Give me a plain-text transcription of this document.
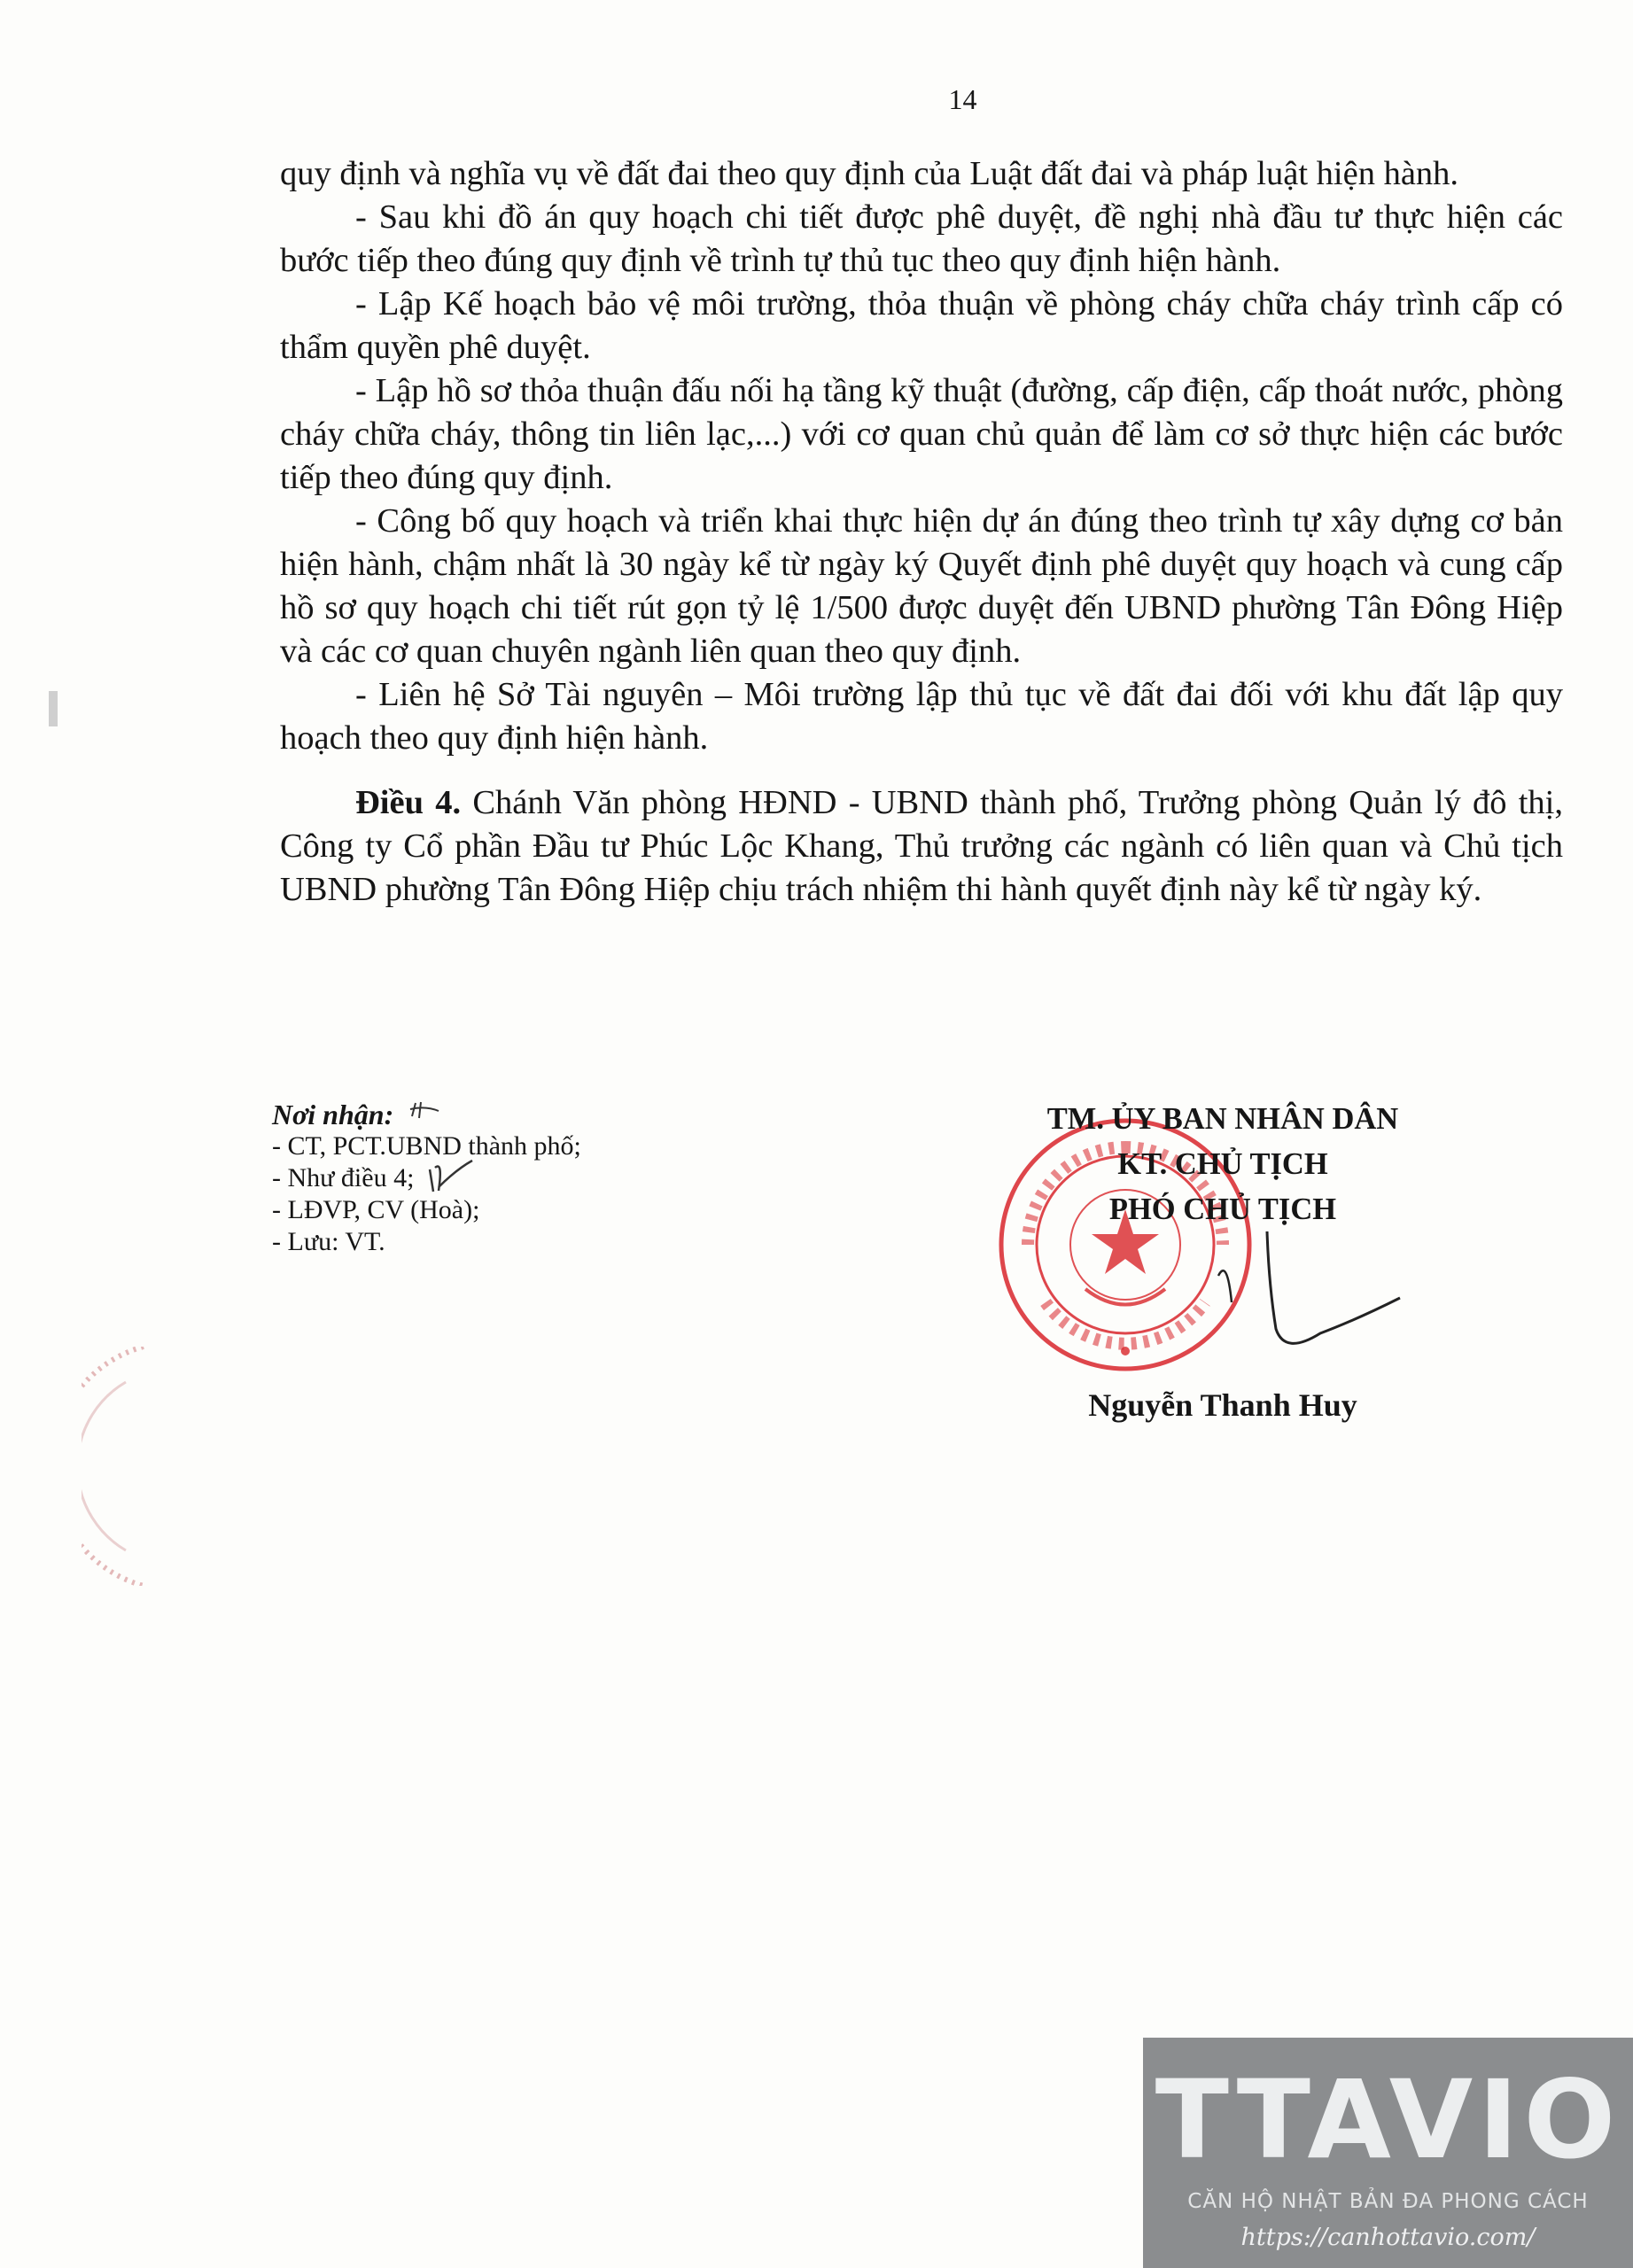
14

quy định và nghĩa vụ về đất đai theo quy định của Luật đất đai và pháp luật hiện hành.

- Sau khi đồ án quy hoạch chi tiết được phê duyệt, đề nghị nhà đầu tư thực hiện các bước tiếp theo đúng quy định về trình tự thủ tục theo quy định hiện hành.

- Lập Kế hoạch bảo vệ môi trường, thỏa thuận về phòng cháy chữa cháy trình cấp có thẩm quyền phê duyệt.

- Lập hồ sơ thỏa thuận đấu nối hạ tầng kỹ thuật (đường, cấp điện, cấp thoát nước, phòng cháy chữa cháy, thông tin liên lạc,...) với cơ quan chủ quản để làm cơ sở thực hiện các bước tiếp theo đúng quy định.

- Công bố quy hoạch và triển khai thực hiện dự án đúng theo trình tự xây dựng cơ bản hiện hành, chậm nhất là 30 ngày kể từ ngày ký Quyết định phê duyệt quy hoạch và cung cấp hồ sơ quy hoạch chi tiết rút gọn tỷ lệ 1/500 được duyệt đến UBND phường Tân Đông Hiệp và các cơ quan chuyên ngành liên quan theo quy định.

- Liên hệ Sở Tài nguyên – Môi trường lập thủ tục về đất đai đối với khu đất lập quy hoạch theo quy định hiện hành.

Điều 4. Chánh Văn phòng HĐND - UBND thành phố, Trưởng phòng Quản lý đô thị, Công ty Cổ phần Đầu tư Phúc Lộc Khang, Thủ trưởng các ngành có liên quan và Chủ tịch UBND phường Tân Đông Hiệp chịu trách nhiệm thi hành quyết định này kể từ ngày ký.

Nơi nhận:
- CT, PCT.UBND thành phố;
- Như điều 4;
- LĐVP, CV (Hoà);
- Lưu: VT.
TM. ỦY BAN NHÂN DÂN
KT. CHỦ TỊCH
PHÓ CHỦ TỊCH
Nguyễn Thanh Huy
TTAVIO
CĂN HỘ NHẬT BẢN ĐA PHONG CÁCH
https://canhottavio.com/
